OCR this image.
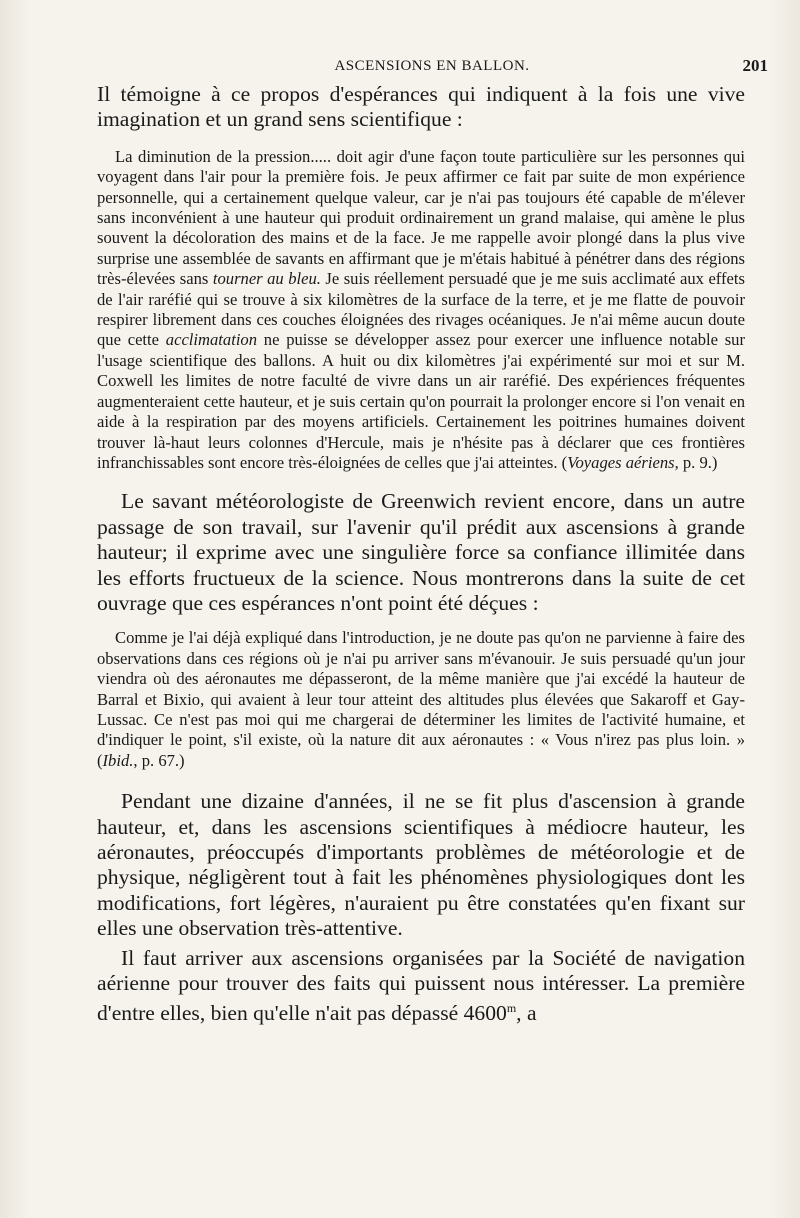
ASCENSIONS EN BALLON.	201

Il témoigne à ce propos d'espérances qui indiquent à la fois une vive imagination et un grand sens scientifique :

La diminution de la pression..... doit agir d'une façon toute particulière sur les personnes qui voyagent dans l'air pour la première fois. Je peux affirmer ce fait par suite de mon expérience personnelle, qui a certainement quelque valeur, car je n'ai pas toujours été capable de m'élever sans inconvénient à une hauteur qui produit ordinairement un grand malaise, qui amène le plus souvent la décoloration des mains et de la face. Je me rappelle avoir plongé dans la plus vive surprise une assemblée de savants en affirmant que je m'étais habitué à pénétrer dans des régions très-élevées sans tourner au bleu. Je suis réellement persuadé que je me suis acclimaté aux effets de l'air raréfié qui se trouve à six kilomètres de la surface de la terre, et je me flatte de pouvoir respirer librement dans ces couches éloignées des rivages océaniques. Je n'ai même aucun doute que cette acclimatation ne puisse se développer assez pour exercer une influence notable sur l'usage scientifique des ballons. A huit ou dix kilomètres j'ai expérimenté sur moi et sur M. Coxwell les limites de notre faculté de vivre dans un air raréfié. Des expériences fréquentes augmenteraient cette hauteur, et je suis certain qu'on pourrait la prolonger encore si l'on venait en aide à la respiration par des moyens artificiels. Certainement les poitrines humaines doivent trouver là-haut leurs colonnes d'Hercule, mais je n'hésite pas à déclarer que ces frontières infranchissables sont encore très-éloignées de celles que j'ai atteintes. (Voyages aériens, p. 9.)

Le savant météorologiste de Greenwich revient encore, dans un autre passage de son travail, sur l'avenir qu'il prédit aux ascensions à grande hauteur; il exprime avec une singulière force sa confiance illimitée dans les efforts fructueux de la science. Nous montrerons dans la suite de cet ouvrage que ces espérances n'ont point été déçues :

Comme je l'ai déjà expliqué dans l'introduction, je ne doute pas qu'on ne parvienne à faire des observations dans ces régions où je n'ai pu arriver sans m'évanouir. Je suis persuadé qu'un jour viendra où des aéronautes me dépasseront, de la même manière que j'ai excédé la hauteur de Barral et Bixio, qui avaient à leur tour atteint des altitudes plus élevées que Sakaroff et Gay-Lussac. Ce n'est pas moi qui me chargerai de déterminer les limites de l'activité humaine, et d'indiquer le point, s'il existe, où la nature dit aux aéronautes : « Vous n'irez pas plus loin. » (Ibid., p. 67.)

Pendant une dizaine d'années, il ne se fit plus d'ascension à grande hauteur, et, dans les ascensions scientifiques à médiocre hauteur, les aéronautes, préoccupés d'importants problèmes de météorologie et de physique, négligèrent tout à fait les phénomènes physiologiques dont les modifications, fort légères, n'auraient pu être constatées qu'en fixant sur elles une observation très-attentive.

Il faut arriver aux ascensions organisées par la Société de navigation aérienne pour trouver des faits qui puissent nous intéresser. La première d'entre elles, bien qu'elle n'ait pas dépassé 4600$^m$, a
